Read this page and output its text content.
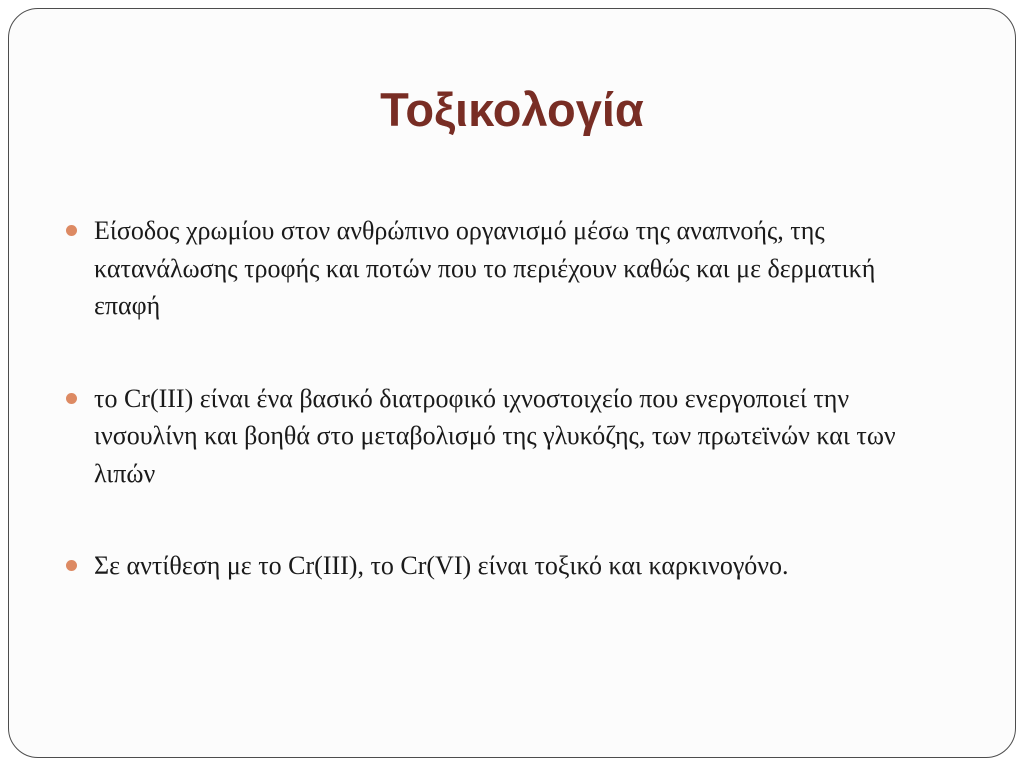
Τοξικολογία
Είσοδος χρωμίου στον ανθρώπινο οργανισμό μέσω της αναπνοής, της κατανάλωσης τροφής και ποτών που το περιέχουν καθώς και με δερματική επαφή
το Cr(III) είναι ένα βασικό διατροφικό ιχνοστοιχείο που ενεργοποιεί την ινσουλίνη και βοηθά στο μεταβολισμό της γλυκόζης, των πρωτεϊνών και των λιπών
Σε αντίθεση με το Cr(III), το Cr(VI) είναι τοξικό και καρκινογόνο.
